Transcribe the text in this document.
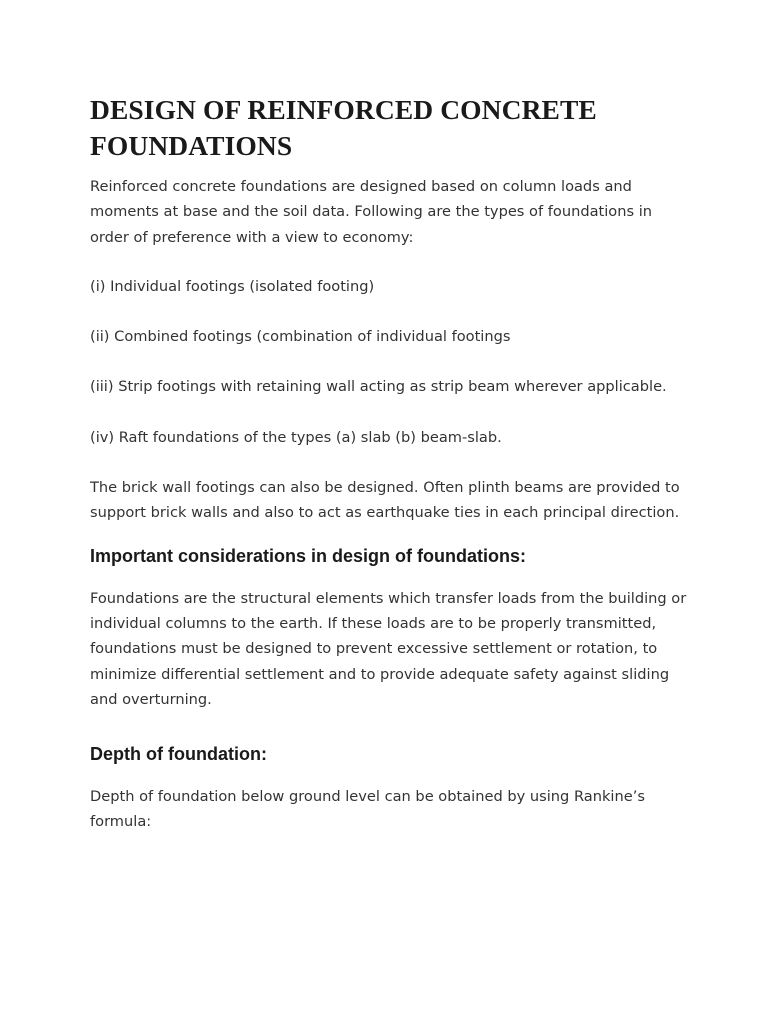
DESIGN OF REINFORCED CONCRETE FOUNDATIONS

Reinforced concrete foundations are designed based on column loads and moments at base and the soil data. Following are the types of foundations in order of preference with a view to economy:

(i) Individual footings (isolated footing)

(ii) Combined footings (combination of individual footings

(iii) Strip footings with retaining wall acting as strip beam wherever applicable.

(iv) Raft foundations of the types (a) slab (b) beam-slab.

The brick wall footings can also be designed. Often plinth beams are provided to support brick walls and also to act as earthquake ties in each principal direction.

Important considerations in design of foundations:

Foundations are the structural elements which transfer loads from the building or individual columns to the earth. If these loads are to be properly transmitted, foundations must be designed to prevent excessive settlement or rotation, to minimize differential settlement and to provide adequate safety against sliding and overturning.

Depth of foundation:

Depth of foundation below ground level can be obtained by using Rankine’s formula:
